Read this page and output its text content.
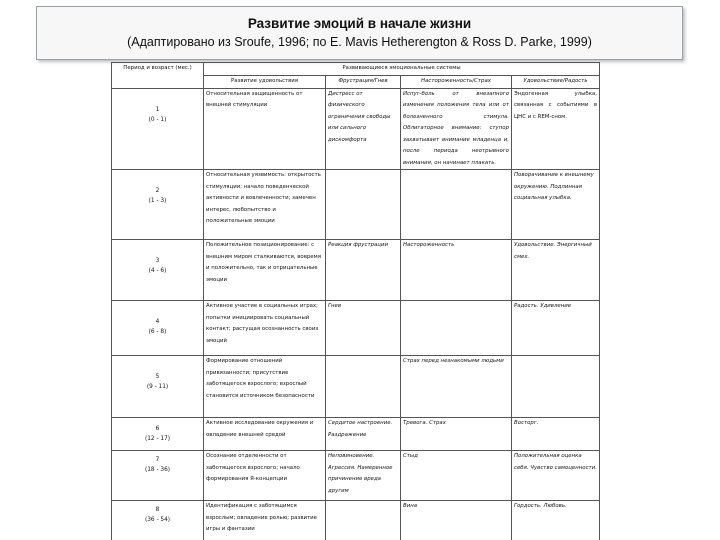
Развитие эмоций в начале жизни
(Адаптировано из Sroufe, 1996; по E. Mavis Hetherengton & Ross D. Parke, 1999)
Период и возраст (мес.)	Развивающиеся эмоциональные системы			
	Развитие удовольствия	Фрустрация/Гнев	Настороженность/Страх	Удовольствие/Радость

1
(0 - 1)	Относительная защищенность от внешней стимуляции	Дистресс от физического ограничения свободы или сильного дискомфорта	Испуг-боль от внезапного изменения положения тела или от болезненного стимула. Облигаторное внимание: ступор захватывает внимание младенца и, после периода неотрывного внимания, он начинает плакать.	Эндогенная улыбка, связанная с событиями в ЦНС и с REM-сном.

2
(1 - 3)	Относительная уязвимость: открытость стимуляции; начало поведенческой активности и вовлеченности; замечен интерес, любопытство и положительные эмоции			Поворачивание к внешнему окружению. Подлинная социальная улыбка.

3
(4 - 6)	Положительное позиционирование: с внешним миром сталкиваются, вовремя и положительно, так и отрицательные эмоции	Реакция фрустрации	Настороженность	Удовольствие. Энергичный смех.

4
(6 - 8)	Активное участие в социальных играх; попытки инициировать социальный контакт; растущая осознанность своих эмоций	Гнев		Радость. Удивление

5
(9 - 11)	Формирование отношений привязанности; присутствие заботящегося взрослого; взрослый становится источником безопасности		Страх перед незнакомыми людьми	

6
(12 - 17)	Активное исследование окружения и овладение внешней средой	Сердитое настроение. Раздражение	Тревога. Страх	Восторг.

7
(18 - 36)	Осознание отделенности от заботящегося взрослого; начало формирования Я-концепции	Неповиновение. Агрессия. Намеренное причинение вреда другим	Стыд	Положительная оценка себя. Чувство самоценности.

8
(36 - 54)	Идентификация с заботящимся взрослым; овладение ролью; развитие игры и фантазии		Вина	Гордость. Любовь.
